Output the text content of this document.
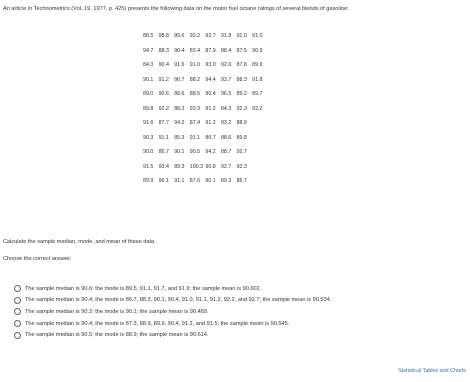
An article in Technometrics (Vol. 19, 1977, p. 425) presents the following data on the motor fuel octane ratings of several blends of gasoline:
88.5 98.8 89.6 92.2 92.7 91.8 91.0 91.0
94.7 88.3 90.4 83.4 87.9 88.4 87.5 90.9
84.3 90.4 91.6 91.0 93.0 92.6 87.8 89.9
90.1 91.2 90.7 88.2 94.4 93.7 88.3 91.8
89.0 90.6 88.6 88.5 90.4 96.5 89.2 89.7
89.8 92.2 88.3 93.3 91.2 84.3 92.3 92.2
91.6 87.7 94.2 87.4 91.2 93.2 88.9
90.3 91.1 85.3 91.1 86.7 88.6 89.8
90.0 86.7 90.1 90.5 94.2 88.7 92.7
91.5 93.4 89.3 100.3 90.8 92.7 93.3
89.9 96.1 91.1 87.6 90.1 89.3 86.7
Calculate the sample median, mode, and mean of these data.
Choose the correct answer.
The sample median is 90.6; the mode is 89.5, 91.1, 91.7, and 91.9; the sample mean is 90.602.
The sample median is 90.4; the mode is 86.7, 88.3, 90.1, 90.4, 91.0, 91.1, 91.2, 92.2, and 92.7; the sample mean is 90.534.
The sample median is 90.2; the mode is 90.1; the sample mean is 90.489.
The sample median is 90.4; the mode is 87.3, 88.9, 89.9, 90.4, 91.2, and 91.5; the sample mean is 90.545.
The sample median is 90.5; the mode is 88.9; the sample mean is 90.614.
Statistical Tables and Charts
